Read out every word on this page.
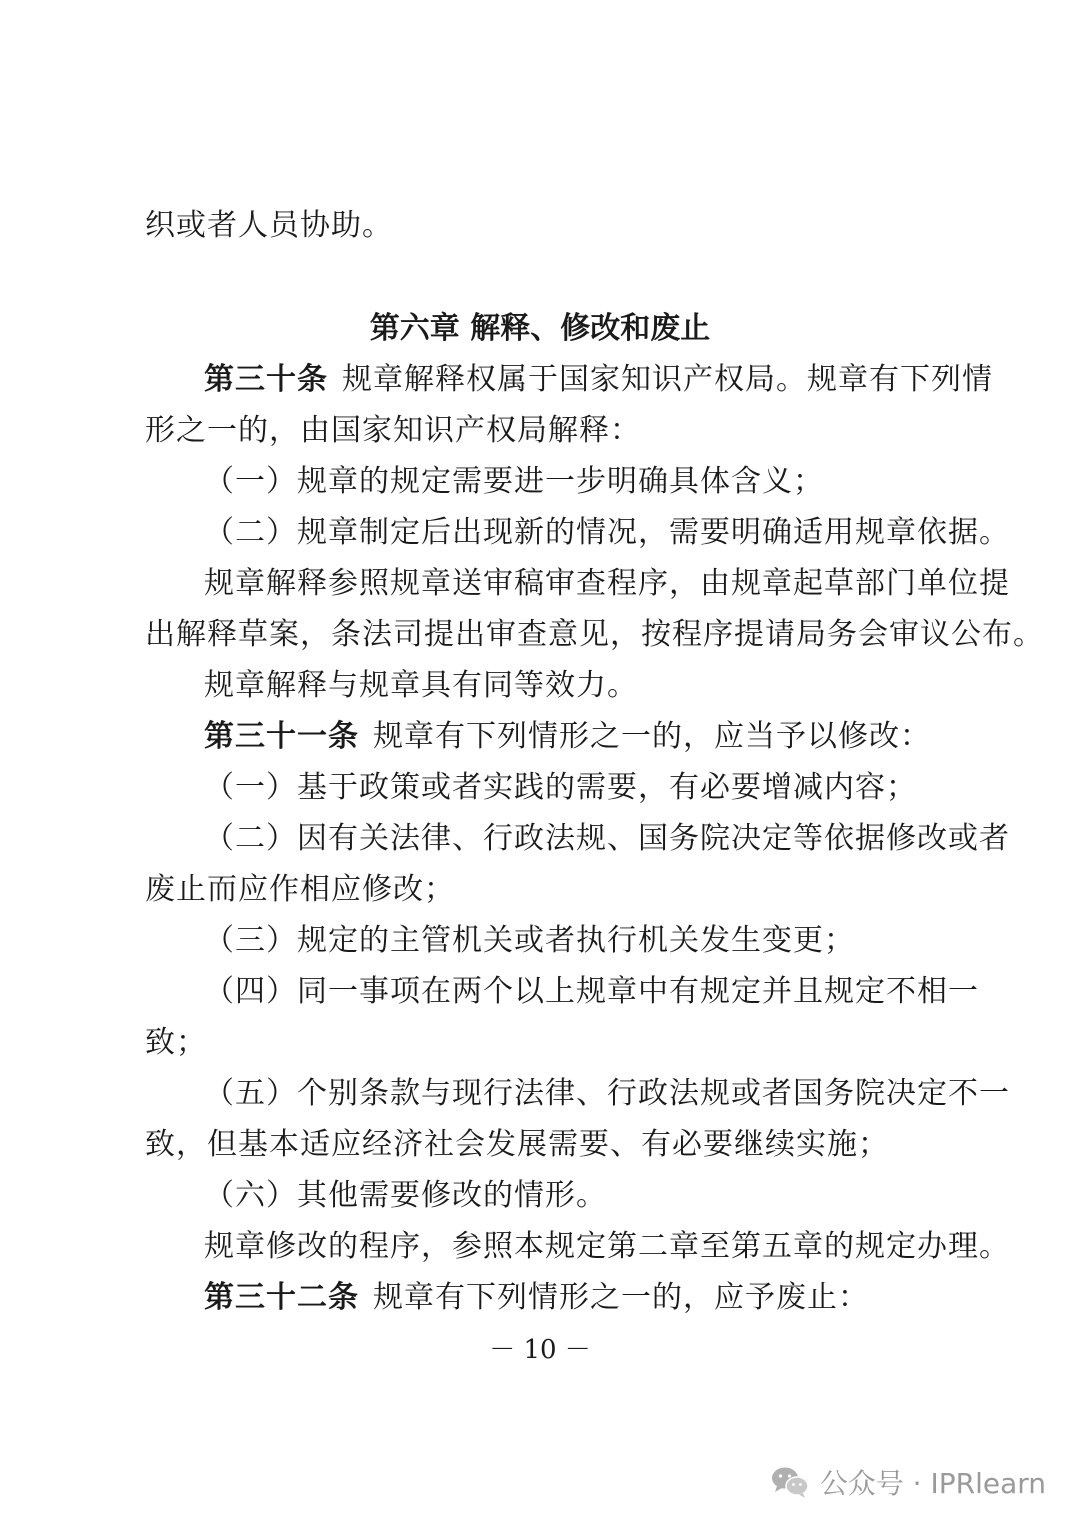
织或者人员协助。
第六章 解释、修改和废止
第三十条 规章解释权属于国家知识产权局。规章有下列情
形之一的，由国家知识产权局解释：
（一）规章的规定需要进一步明确具体含义；
（二）规章制定后出现新的情况，需要明确适用规章依据。
规章解释参照规章送审稿审查程序，由规章起草部门单位提
出解释草案，条法司提出审查意见，按程序提请局务会审议公布。
规章解释与规章具有同等效力。
第三十一条 规章有下列情形之一的，应当予以修改：
（一）基于政策或者实践的需要，有必要增减内容；
（二）因有关法律、行政法规、国务院决定等依据修改或者
废止而应作相应修改；
（三）规定的主管机关或者执行机关发生变更；
（四）同一事项在两个以上规章中有规定并且规定不相一
致；
（五）个别条款与现行法律、行政法规或者国务院决定不一
致，但基本适应经济社会发展需要、有必要继续实施；
（六）其他需要修改的情形。
规章修改的程序，参照本规定第二章至第五章的规定办理。
第三十二条 规章有下列情形之一的，应予废止：
－ 10 －
公众号 · IPRlearn
